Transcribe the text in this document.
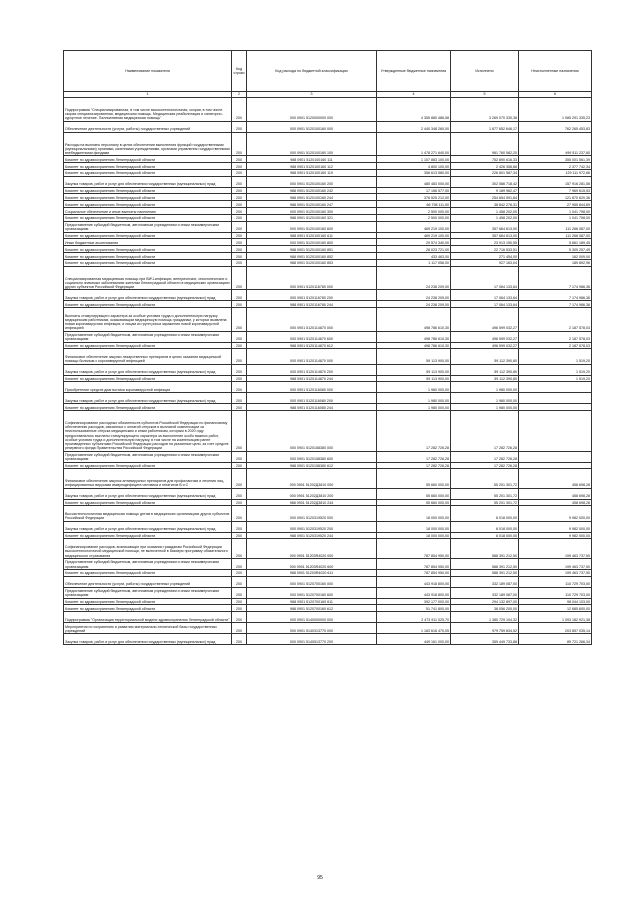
Наименование показателя	Код строки	Код расхода по бюджетной классификации	Утвержденные бюджетные назначения	Исполнено	Неисполненные назначения
1	2	3	4	5	6
Подпрограмма "Специализированная, в том числе высокотехнологичная, скорая, в том числе скорая специализированная, медицинская помощь. Медицинская реабилитация и санаторно-курортное лечение. Паллиативная медицинская помощь"	200	000 0901 5120000000 000	4 355 880 486,58	3 269 070 330,38	1 085 291 335,23
Обеспечение деятельности (услуги, работы) государственных учреждений	200	000 0901 5120100160 000	2 440 348 260,00	1 677 652 646,17	762 265 453,83
Расходы на выплаты персоналу в целях обеспечения выполнения функций государственными (муниципальными) органами, казенными учреждениями, органами управления государственными внебюджетными фондами	200	000 0901 5120100160 100	1 478 271 640,00	981 760 582,20	499 511 237,80
Комитет по здравоохранению Ленинградской области	200	988 0901 5120100160 111	1 107 883 100,00	752 890 616,33	355 001 561,39
Комитет по здравоохранению Ленинградской области	200	988 0901 5120100160 112	4 800 100,00	2 426 356,66	2 377 742,34
Комитет по здравоохранению Ленинградской области	200	988 0901 5120100160 119	358 613 580,00	226 601 587,34	129 111 972,66
Закупка товаров, работ и услуг для обеспечения государственных (муниципальных) нужд	200	000 0901 5120100160 200	480 483 000,00	302 586 718,42	157 916 281,58
Комитет по здравоохранению Ленинградской области	200	988 0901 5120100160 242	17 156 577,00	9 189 962,47	7 969 615,53
Комитет по здравоохранению Ленинградской области	200	988 0901 5120100160 244	376 525 212,00	254 654 591,84	121 870 620,36
Комитет по здравоохранению Ленинградской области	200	988 0901 5120100160 247	66 798 111,00	38 842 276,31	27 955 844,69
Социальное обеспечение и иные выплаты населению	200	000 0901 5120100160 300	2 500 000,00	1 458 202,00	1 041 798,00
Комитет по здравоохранению Ленинградской области	200	988 0901 5120100160 321	2 500 000,00	1 458 202,00	1 041 798,00
Предоставление субсидий бюджетным, автономным учреждениям и иным некоммерческим организациям	200	000 0901 5120100160 600	469 219 100,00	357 664 613,00	111 266 087,00
Комитет по здравоохранению Ленинградской области	200	988 0901 5120100160 611	469 219 100,00	357 664 613,00	111 266 087,00
Иные бюджетные ассигнования	200	000 0901 5120100160 800	29 574 340,00	23 913 150,55	5 661 189,45
Комитет по здравоохранению Ленинградской области	200	988 0901 5120100160 851	28 023 721,00	22 716 533,51	5 309 257,49
Комитет по здравоохранению Ленинградской области	200	988 0901 5120100160 852	433 463,00	271 454,00	162 009,00
Комитет по здравоохранению Ленинградской области	200	988 0901 5120100160 853	1 117 056,00	927 163,04	189 892,96
Специализированная медицинская помощь при ВИЧ-инфекции, венерических, онкологических и социально значимых заболеваниях жителям Ленинградской области в медицинских организациях других субъектов Российской Федерации	200	000 0901 5120116780 000	24 238 209,00	17 064 133,64	7 174 986,36
Закупка товаров, работ и услуг для обеспечения государственных (муниципальных) нужд	200	000 0901 5120116780 200	24 238 209,00	17 064 133,64	7 174 986,36
Комитет по здравоохранению Ленинградской области	200	988 0901 5120116780 244	24 238 209,00	17 064 133,64	7 174 986,36
Выплаты стимулирующего характера за особые условия труда и дополнительную нагрузку медицинским работникам, оказывающим медицинскую помощь гражданам, у которых выявлена новая коронавирусная инфекция, и лицам из групп риска заражения новой коронавирусной инфекцией	200	000 0901 5120114870 000	498 786 610,30	496 599 032,27	2 187 578,03
Предоставление субсидий бюджетным, автономным учреждениям и иным некоммерческим организациям	200	000 0901 5120114870 600	498 786 610,30	496 599 032,27	2 187 578,03
Комитет по здравоохранению Ленинградской области	200	988 0901 5120114870 612	498 786 610,30	496 599 032,27	2 187 578,03
Финансовое обеспечение закупки лекарственных препаратов в целях оказания медицинской помощи больным с коронавирусной инфекцией	200	000 0901 5120114870 000	59 113 900,00	59 112 390,80	1 519,20
Закупка товаров, работ и услуг для обеспечения государственных (муниципальных) нужд	200	000 0901 5120114870 200	59 113 900,00	59 112 390,80	1 519,20
Комитет по здравоохранению Ленинградской области	200	988 0901 5120114870 244	59 113 900,00	59 112 390,80	1 519,20
Приобретение средств диагностики коронавирусной инфекции	200	000 0901 5120116080 000	1 980 000,00	1 980 000,00	
Закупка товаров, работ и услуг для обеспечения государственных (муниципальных) нужд	200	000 0901 5120116080 200	1 980 000,00	1 980 000,00	
Комитет по здравоохранению Ленинградской области	200	988 0901 5120116080 244	1 980 000,00	1 980 000,00	
Софинансирование расходных обязательств субъектов Российской Федерации по финансовому обеспечению расходов, связанных с оплатой отпусков и выплатой компенсации за неиспользованные отпуска медицинским и иным работникам, которым в 2020 году предоставлялись выплаты стимулирующего характера за выполнение особо важных работ, особые условия труда и дополнительную нагрузку, в том числе на компенсацию ранее произведенных субъектами Российской Федерации расходов на указанные цели, за счет средств резервного фонда Правительства Российской Федерации	200	000 0901 5120158380 000	17 282 726,28	17 282 726,28	
Предоставление субсидий бюджетным, автономным учреждениям и иным некоммерческим организациям	200	000 0901 5120158380 600	17 282 726,28	17 282 726,28	
Комитет по здравоохранению Ленинградской области	200	988 0901 5120158380 612	17 282 726,28	17 282 726,28	
Финансовое обеспечение закупок антивирусных препаратов для профилактики и лечения лиц, инфицированных вирусами иммунодефицита человека и гепатитов B и C	200	000 0901 51202Д3810 000	55 660 000,00	55 201 301,72	458 698,28
Закупка товаров, работ и услуг для обеспечения государственных (муниципальных) нужд	200	000 0901 51202Д3810 200	55 660 000,00	55 201 301,72	458 698,28
Комитет по здравоохранению Ленинградской области	200	988 0901 51202Д3810 244	55 660 000,00	55 201 301,72	458 698,28
Высокотехнологичная медицинская помощь детям в медицинских организациях других субъектов Российской Федерации	200	000 0901 5120319520 000	18 000 000,00	8 018 000,00	9 982 000,00
Закупка товаров, работ и услуг для обеспечения государственных (муниципальных) нужд	200	000 0901 5120319520 200	18 000 000,00	8 018 000,00	9 982 000,00
Комитет по здравоохранению Ленинградской области	200	988 0901 5120319520 244	18 000 000,00	8 018 000,00	9 982 000,00
Софинансирование расходов, возникающих при оказании гражданам Российской Федерации высокотехнологичной медицинской помощи, не включенной в базовую программу обязательного медицинского страхования	200	000 0901 51203R4020 000	787 854 950,00	588 391 212,50	199 463 737,50
Предоставление субсидий бюджетным, автономным учреждениям и иным некоммерческим организациям	200	000 0901 51203R4020 600	787 854 950,00	588 391 212,50	199 463 737,50
Комитет по здравоохранению Ленинградской области	200	988 0901 51203R4020 611	787 854 950,00	588 391 212,50	199 463 737,50
Обеспечение деятельности (услуги, работы) государственных учреждений	200	000 0901 5120700160 000	443 918 800,00	332 189 087,00	110 729 703,00
Предоставление субсидий бюджетным, автономным учреждениям и иным некоммерческим организациям	200	000 0901 5120700160 600	443 918 800,00	332 189 087,00	110 729 703,00
Комитет по здравоохранению Ленинградской области	200	988 0901 5120700160 611	392 177 000,00	294 132 897,00	98 044 103,00
Комитет по здравоохранению Ленинградской области	200	988 0901 5120700160 612	51 741 800,00	38 056 200,00	12 685 600,00
Подпрограмма "Организация территориальной модели здравоохранения Ленинградской области"	200	000 0901 5140000000 000	2 473 911 025,70	1 380 729 104,32	1 093 182 921,38
Мероприятия по сохранению и развитию материально-технической базы государственных учреждений	200	000 0901 5140313770 000	1 183 616 470,05	979 759 834,52	203 857 035,14
Закупка товаров, работ и услуг для обеспечения государственных (муниципальных) нужд	200	000 0901 5140513770 200	449 161 000,00	359 449 733,88	89 721 266,34
95
